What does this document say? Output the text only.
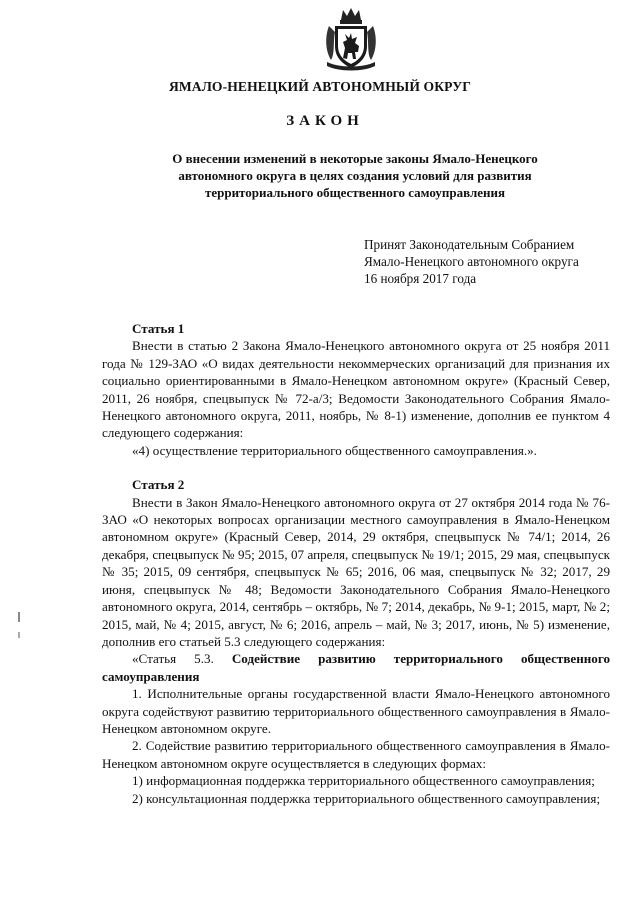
ЯМАЛО-НЕНЕЦКИЙ АВТОНОМНЫЙ ОКРУГ
ЗАКОН
О внесении изменений в некоторые законы Ямало-Ненецкого
автономного округа в целях создания условий для развития
территориального общественного самоуправления
Принят Законодательным Собранием
Ямало-Ненецкого автономного округа
16 ноября 2017 года

Статья 1

Внести в статью 2 Закона Ямало-Ненецкого автономного округа от 25 ноября 2011 года № 129-ЗАО «О видах деятельности некоммерческих организаций для признания их социально ориентированными в Ямало-Ненецком автономном округе» (Красный Север, 2011, 26 ноября, спецвыпуск № 72-а/3; Ведомости Законодательного Собрания Ямало-Ненецкого автономного округа, 2011, ноябрь, № 8-1) изменение, дополнив ее пунктом 4 следующего содержания:

«4) осуществление территориального общественного самоуправления.».

Статья 2

Внести в Закон Ямало-Ненецкого автономного округа от 27 октября 2014 года № 76-ЗАО «О некоторых вопросах организации местного самоуправления в Ямало-Ненецком автономном округе» (Красный Север, 2014, 29 октября, спецвыпуск № 74/1; 2014, 26 декабря, спецвыпуск № 95; 2015, 07 апреля, спецвыпуск № 19/1; 2015, 29 мая, спецвыпуск № 35; 2015, 09 сентября, спецвыпуск № 65; 2016, 06 мая, спецвыпуск № 32; 2017, 29 июня, спецвыпуск № 48; Ведомости Законодательного Собрания Ямало-Ненецкого автономного округа, 2014, сентябрь – октябрь, № 7; 2014, декабрь, № 9-1; 2015, март, № 2; 2015, май, № 4; 2015, август, № 6; 2016, апрель – май, № 3; 2017, июнь, № 5) изменение, дополнив его статьей 5.3 следующего содержания:

«Статья 5.3. Содействие развитию территориального общественного самоуправления

1. Исполнительные органы государственной власти Ямало-Ненецкого автономного округа содействуют развитию территориального общественного самоуправления в Ямало-Ненецком автономном округе.

2. Содействие развитию территориального общественного самоуправления в Ямало-Ненецком автономном округе осуществляется в следующих формах:

1) информационная поддержка территориального общественного самоуправления;

2) консультационная поддержка территориального общественного самоуправления;
